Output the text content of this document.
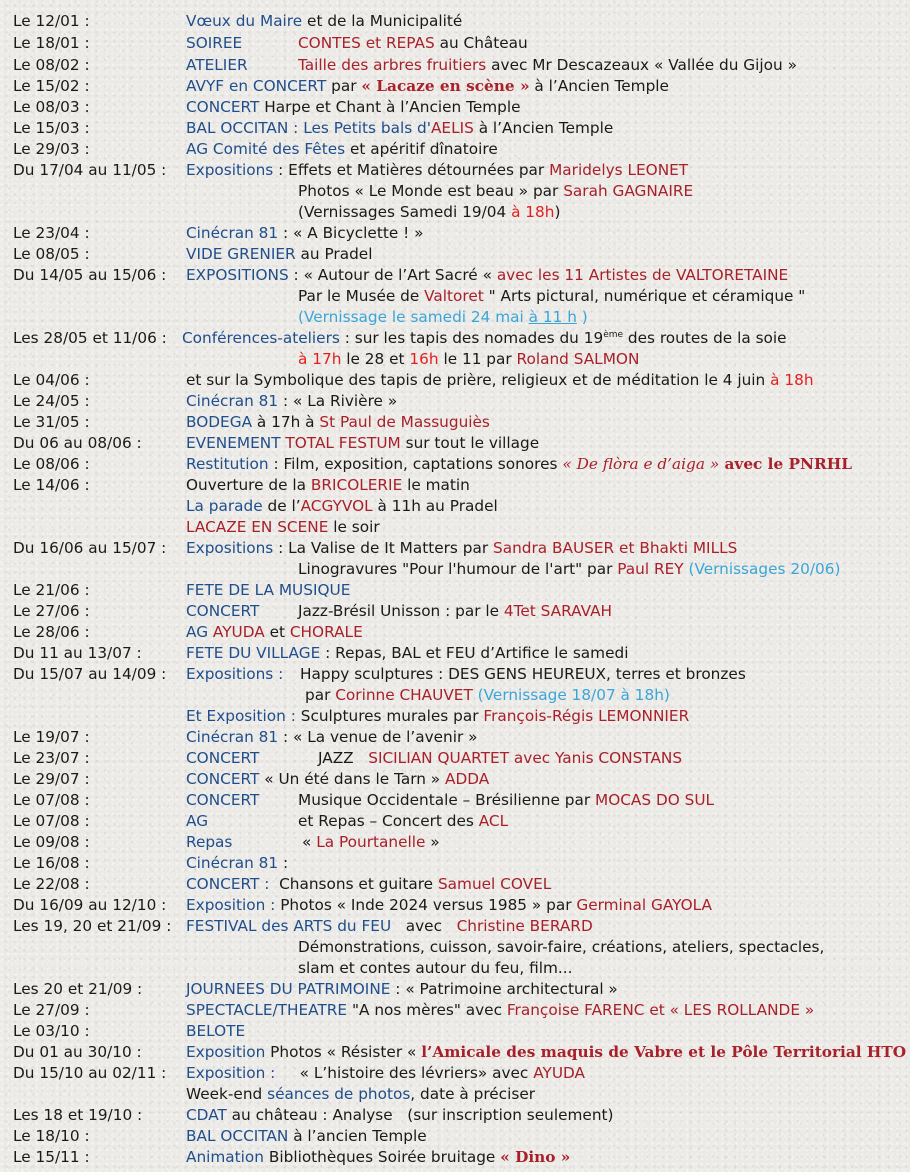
Le 12/01 :	Vœux du Maire et de la Municipalité
Le 18/01 :	SOIREE	CONTES et REPAS au Château
Le 08/02 :	ATELIER	Taille des arbres fruitiers avec Mr Descazeaux « Vallée du Gijou »
Le 15/02 :	AVYF en CONCERT par « Lacaze en scène » à l’Ancien Temple
Le 08/03 :	CONCERT Harpe et Chant à l’Ancien Temple
Le 15/03 :	BAL OCCITAN : Les Petits bals d'AELIS à l’Ancien Temple
Le 29/03 :	AG Comité des Fêtes et apéritif dînatoire
Du 17/04 au 11/05 : Expositions : Effets et Matières détournées par Maridelys LEONET
Photos « Le Monde est beau » par Sarah GAGNAIRE
(Vernissages Samedi 19/04 à 18h)
Le 23/04 :	Cinécran 81 : « A Bicyclette ! »
Le 08/05 :	VIDE GRENIER au Pradel
Du 14/05 au 15/06 : EXPOSITIONS : « Autour de l’Art Sacré « avec les 11 Artistes de VALTORETAINE
Par le Musée de Valtoret " Arts pictural, numérique et céramique "
(Vernissage le samedi 24 mai à 11 h )
Les 28/05 et 11/06 : Conférences-ateliers : sur les tapis des nomades du 19ème des routes de la soie
à 17h le 28 et 16h le 11 par Roland SALMON
Le 04/06 :	et sur la Symbolique des tapis de prière, religieux et de méditation le 4 juin à 18h
Le 24/05 :	Cinécran 81 : « La Rivière »
Le 31/05 :	BODEGA à 17h à St Paul de Massuguiès
Du 06 au 08/06 :	EVENEMENT TOTAL FESTUM sur tout le village
Le 08/06 :	Restitution : Film, exposition, captations sonores « De flòra e d’aiga » avec le PNRHL
Le 14/06 :	Ouverture de la BRICOLERIE le matin
La parade de l’ACGYVOL à 11h au Pradel
LACAZE EN SCENE le soir
Du 16/06 au 15/07 : Expositions : La Valise de It Matters par Sandra BAUSER et Bhakti MILLS
Linogravures "Pour l'humour de l'art" par Paul REY (Vernissages 20/06)
Le 21/06 :	FETE DE LA MUSIQUE
Le 27/06 :	CONCERT	Jazz-Brésil Unisson : par le 4Tet SARAVAH
Le 28/06 :	AG AYUDA et CHORALE
Du 11 au 13/07 :	FETE DU VILLAGE : Repas, BAL et FEU d’Artifice le samedi
Du 15/07 au 14/09 : Expositions : Happy sculptures : DES GENS HEUREUX, terres et bronzes
par Corinne CHAUVET (Vernissage 18/07 à 18h)
Et Exposition : Sculptures murales par François-Régis LEMONNIER
Le 19/07 :	Cinécran 81 : « La venue de l’avenir »
Le 23/07 :	CONCERT	JAZZ   SICILIAN QUARTET avec Yanis CONSTANS
Le 29/07 :	CONCERT « Un été dans le Tarn » ADDA
Le 07/08 :	CONCERT	Musique Occidentale – Brésilienne par MOCAS DO SUL
Le 07/08 :	AG	et Repas – Concert des ACL
Le 09/08 :	Repas	« La Pourtanelle »
Le 16/08 :	Cinécran 81 :
Le 22/08 :	CONCERT :  Chansons et guitare Samuel COVEL
Du 16/09 au 12/10 : Exposition : Photos « Inde 2024 versus 1985 » par Germinal GAYOLA
Les 19, 20 et 21/09 : FESTIVAL des ARTS du FEU   avec   Christine BERARD
Démonstrations, cuisson, savoir-faire, créations, ateliers, spectacles,
slam et contes autour du feu, film...
Les 20 et 21/09 :	JOURNEES DU PATRIMOINE : « Patrimoine architectural »
Le 27/09 :	SPECTACLE/THEATRE "A nos mères" avec Françoise FARENC et « LES ROLLANDE »
Le 03/10 :	BELOTE
Du 01 au 30/10 :	Exposition Photos « Résister « l’Amicale des maquis de Vabre et le Pôle Territorial HTO
Du 15/10 au 02/11 : Exposition :     « L’histoire des lévriers» avec AYUDA
Week-end séances de photos, date à préciser
Les 18 et 19/10 :	CDAT au château : Analyse   (sur inscription seulement)
Le 18/10 :	BAL OCCITAN à l’ancien Temple
Le 15/11 :	Animation Bibliothèques Soirée bruitage « Dino »
